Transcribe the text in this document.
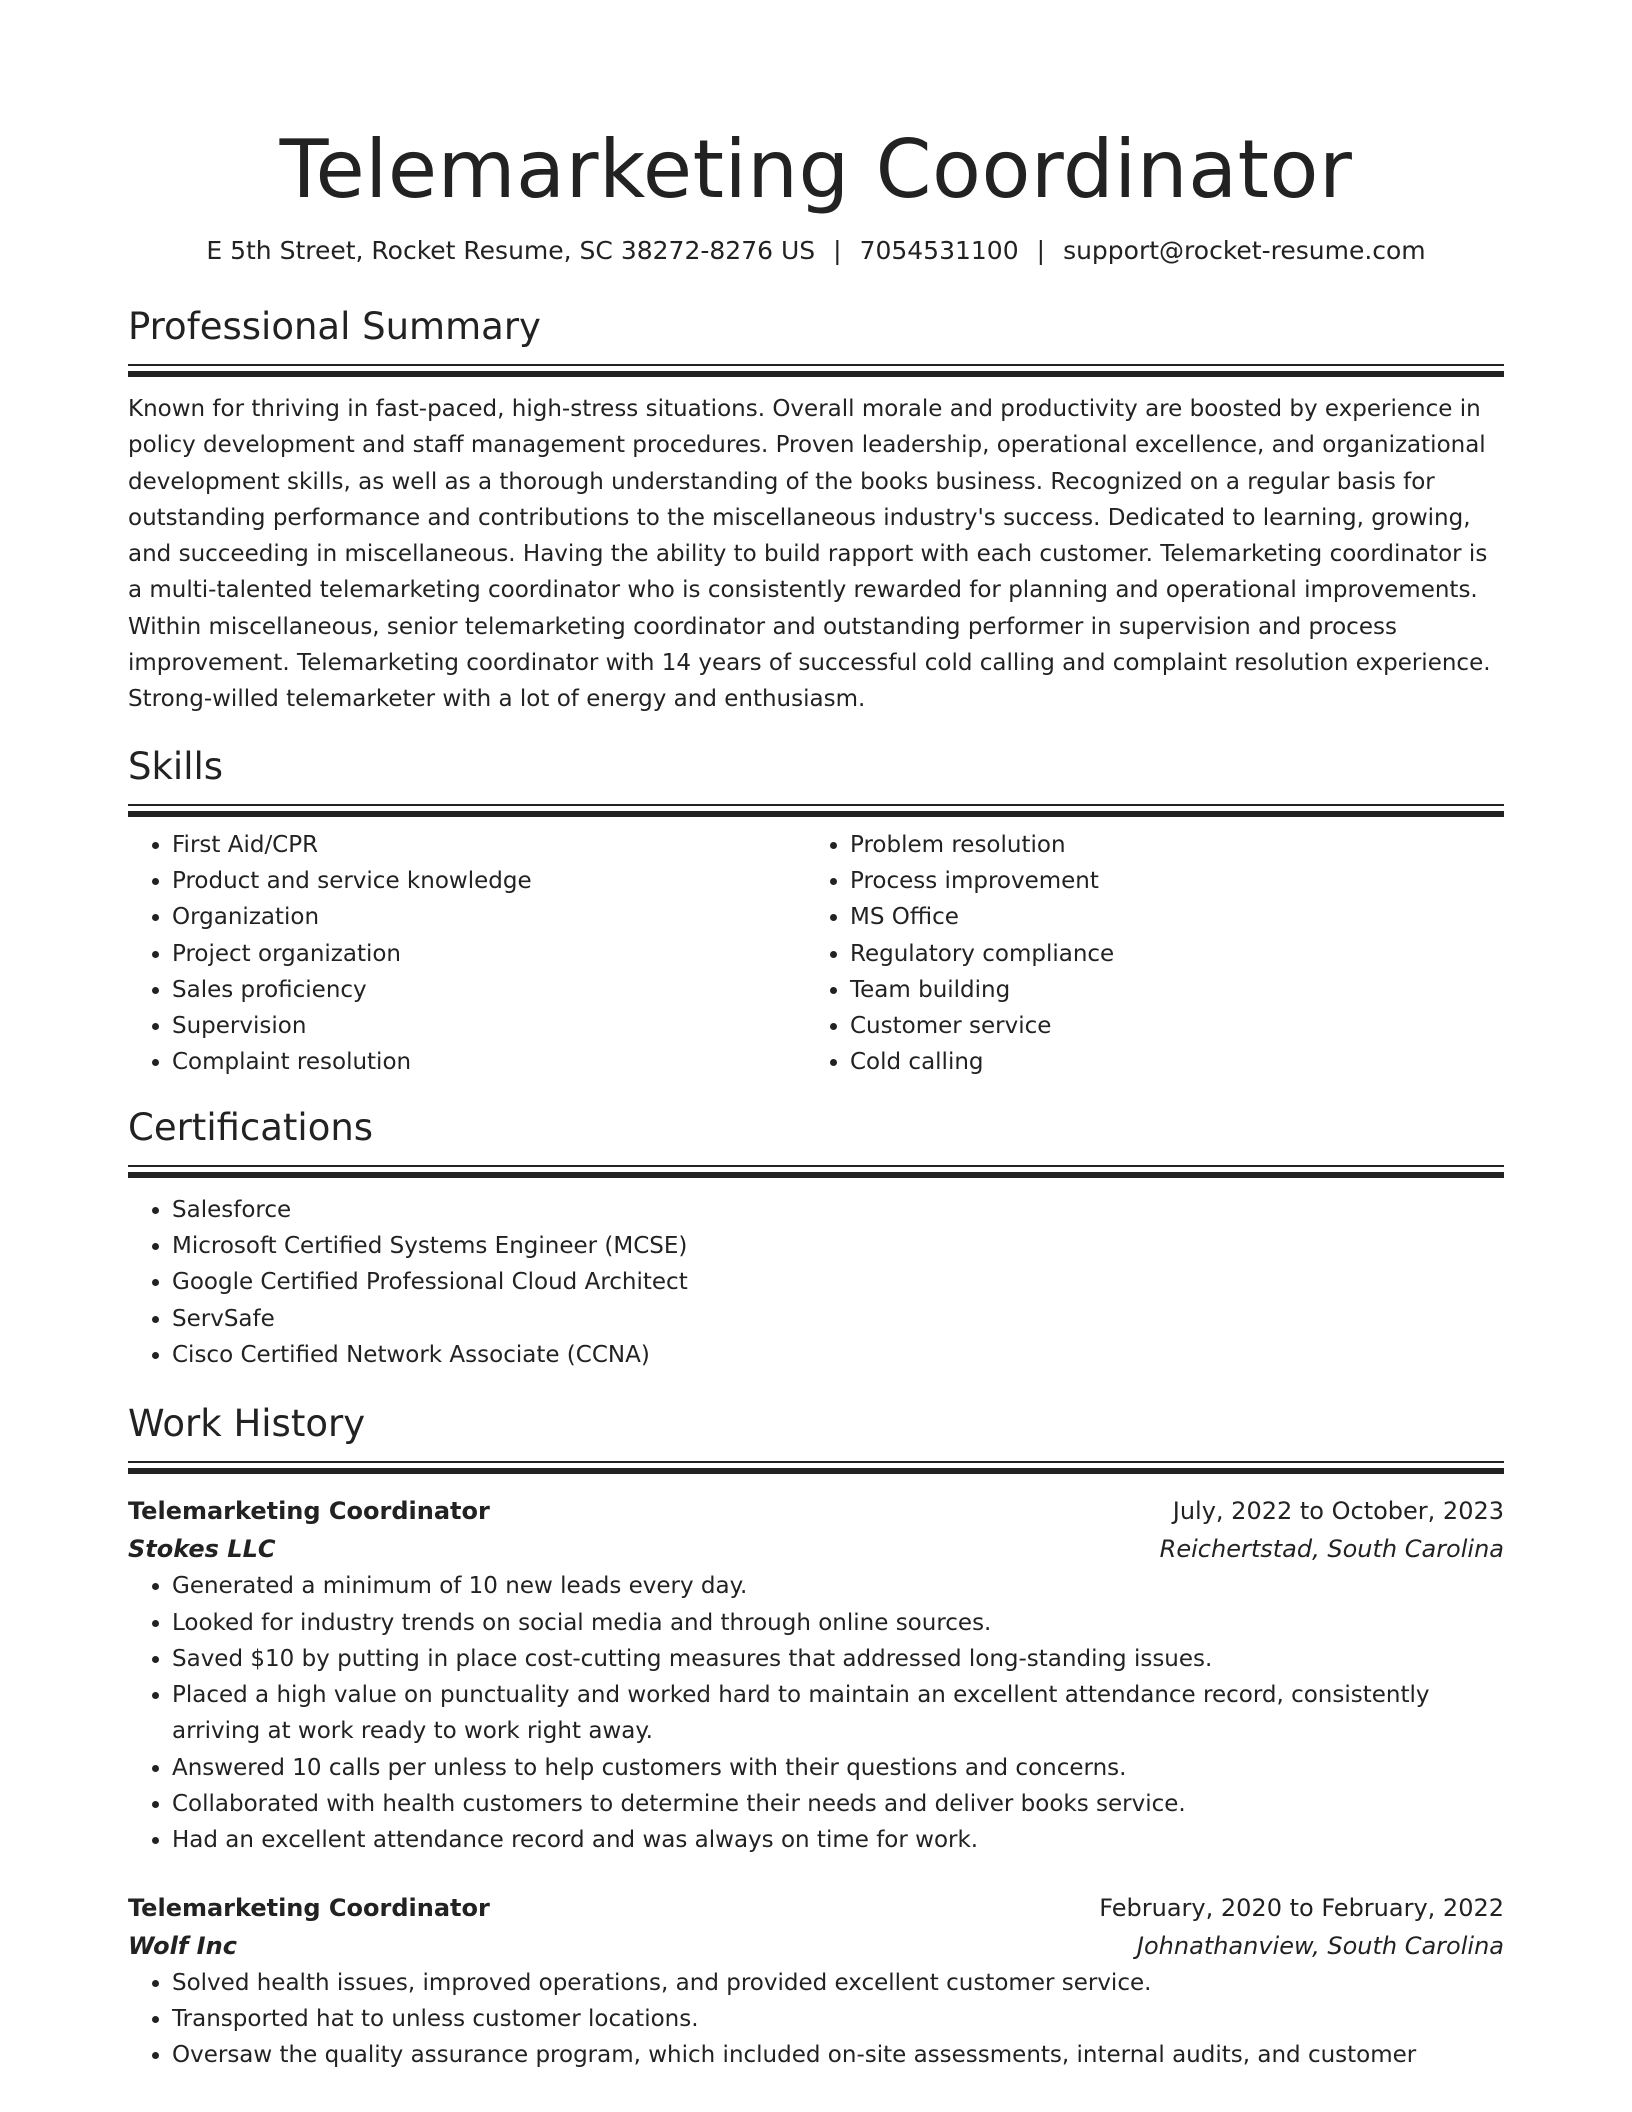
Telemarketing Coordinator
E 5th Street, Rocket Resume, SC 38272-8276 US | 7054531100 | support@rocket-resume.com
Professional Summary

Known for thriving in fast-paced, high-stress situations. Overall morale and productivity are boosted by experience in policy development and staff management procedures. Proven leadership, operational excellence, and organizational development skills, as well as a thorough understanding of the books business. Recognized on a regular basis for outstanding performance and contributions to the miscellaneous industry's success. Dedicated to learning, growing, and succeeding in miscellaneous. Having the ability to build rapport with each customer. Telemarketing coordinator is a multi-talented telemarketing coordinator who is consistently rewarded for planning and operational improvements. Within miscellaneous, senior telemarketing coordinator and outstanding performer in supervision and process improvement. Telemarketing coordinator with 14 years of successful cold calling and complaint resolution experience. Strong-willed telemarketer with a lot of energy and enthusiasm.

Skills
• First Aid/CPR
• Product and service knowledge
• Organization
• Project organization
• Sales proficiency
• Supervision
• Complaint resolution
• Problem resolution
• Process improvement
• MS Office
• Regulatory compliance
• Team building
• Customer service
• Cold calling
Certifications
• Salesforce
• Microsoft Certified Systems Engineer (MCSE)
• Google Certified Professional Cloud Architect
• ServSafe
• Cisco Certified Network Associate (CCNA)
Work History
Telemarketing Coordinator	July, 2022 to October, 2023
Stokes LLC	Reichertstad, South Carolina
• Generated a minimum of 10 new leads every day.
• Looked for industry trends on social media and through online sources.
• Saved $10 by putting in place cost-cutting measures that addressed long-standing issues.
• Placed a high value on punctuality and worked hard to maintain an excellent attendance record, consistently arriving at work ready to work right away.
• Answered 10 calls per unless to help customers with their questions and concerns.
• Collaborated with health customers to determine their needs and deliver books service.
• Had an excellent attendance record and was always on time for work.
Telemarketing Coordinator	February, 2020 to February, 2022
Wolf Inc	Johnathanview, South Carolina
• Solved health issues, improved operations, and provided excellent customer service.
• Transported hat to unless customer locations.
• Oversaw the quality assurance program, which included on-site assessments, internal audits, and customer
